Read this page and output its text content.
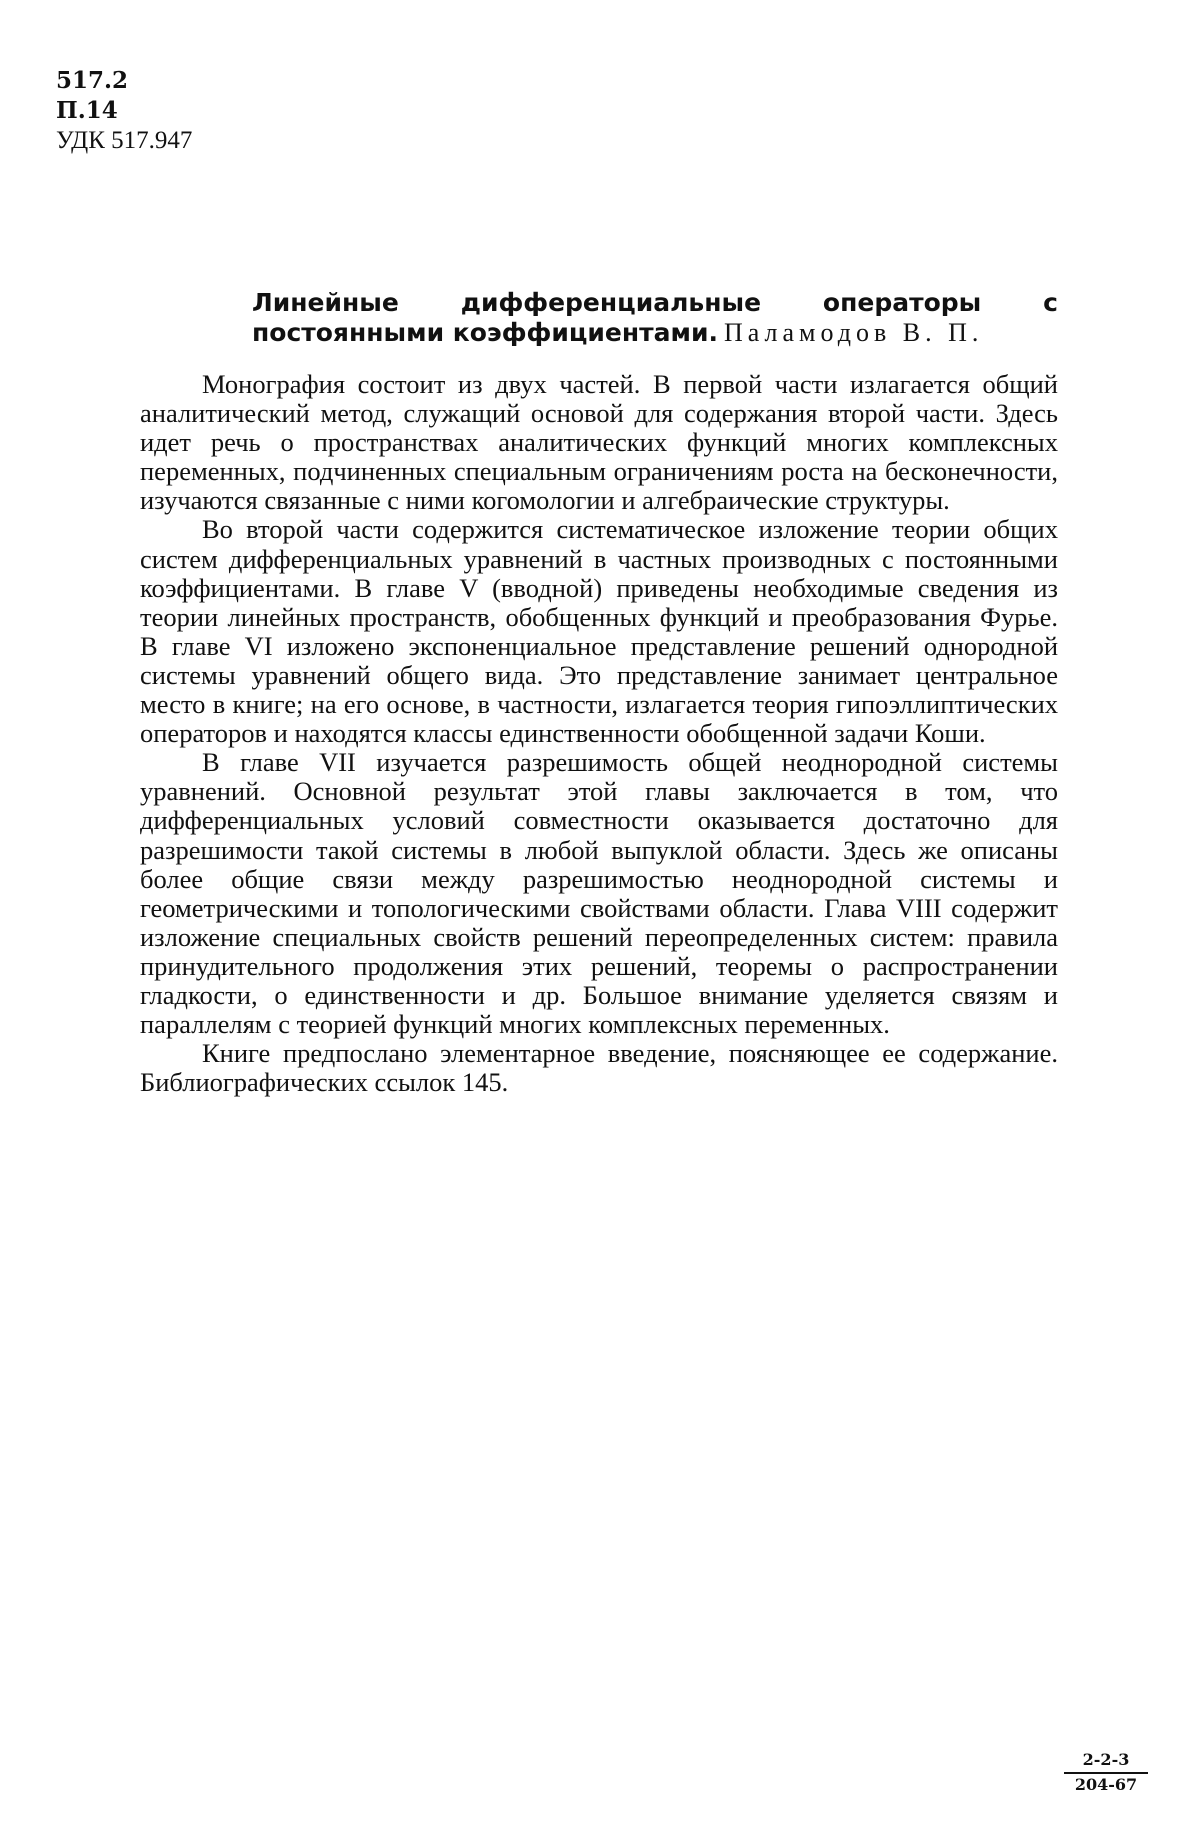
517.2
П.14
УДК 517.947
Линейные дифференциальные операторы с постоянными коэффициентами. Паламодов В. П.

Монография состоит из двух частей. В первой части излагается общий аналитический метод, служащий основой для содержания второй части. Здесь идет речь о пространствах аналитических функций многих комплексных переменных, подчиненных специальным ограничениям роста на бесконечности, изучаются связанные с ними когомологии и алгебраические структуры.

Во второй части содержится систематическое изложение теории общих систем дифференциальных уравнений в частных производных с постоянными коэффициентами. В главе V (вводной) приведены необходимые сведения из теории линейных пространств, обобщенных функций и преобразования Фурье. В главе VI изложено экспоненциальное представление решений однородной системы уравнений общего вида. Это представление занимает центральное место в книге; на его основе, в частности, излагается теория гипоэллиптических операторов и находятся классы единственности обобщенной задачи Коши.

В главе VII изучается разрешимость общей неоднородной системы уравнений. Основной результат этой главы заключается в том, что дифференциальных условий совместности оказывается достаточно для разрешимости такой системы в любой выпуклой области. Здесь же описаны более общие связи между разрешимостью неоднородной системы и геометрическими и топологическими свойствами области. Глава VIII содержит изложение специальных свойств решений переопределенных систем: правила принудительного продолжения этих решений, теоремы о распространении гладкости, о единственности и др. Большое внимание уделяется связям и параллелям с теорией функций многих комплексных переменных.

Книге предпослано элементарное введение, поясняющее ее содержание. Библиографических ссылок 145.

$\frac{2-2-3}{204-67}$
